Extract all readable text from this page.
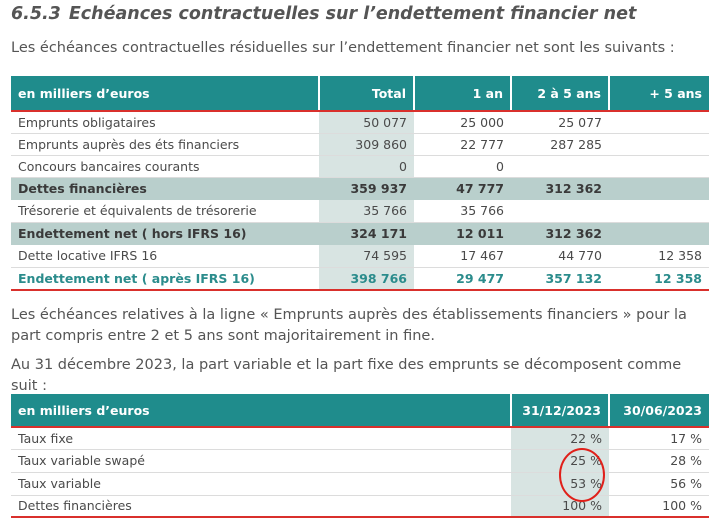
6.5.3 Echéances contractuelles sur l’endettement financier net

Les échéances contractuelles résiduelles sur l’endettement financier net sont les suivants :

en milliers d’euros	Total	1 an	2 à 5 ans	+ 5 ans
Emprunts obligataires	50 077	25 000	25 077	
Emprunts auprès des éts financiers	309 860	22 777	287 285	
Concours bancaires courants	0	0		
Dettes financières	359 937	47 777	312 362	
Trésorerie et équivalents de trésorerie	35 766	35 766		
Endettement net ( hors IFRS 16)	324 171	12 011	312 362	
Dette locative IFRS 16	74 595	17 467	44 770	12 358
Endettement net ( après IFRS 16)	398 766	29 477	357 132	12 358

Les échéances relatives à la ligne « Emprunts auprès des établissements financiers » pour la part compris entre 2 et 5 ans sont majoritairement in fine.

Au 31 décembre 2023, la part variable et la part fixe des emprunts se décomposent comme suit :

en milliers d’euros	31/12/2023	30/06/2023
Taux fixe	22 %	17 %
Taux variable swapé	25 %	28 %
Taux variable	53 %	56 %
Dettes financières	100 %	100 %
